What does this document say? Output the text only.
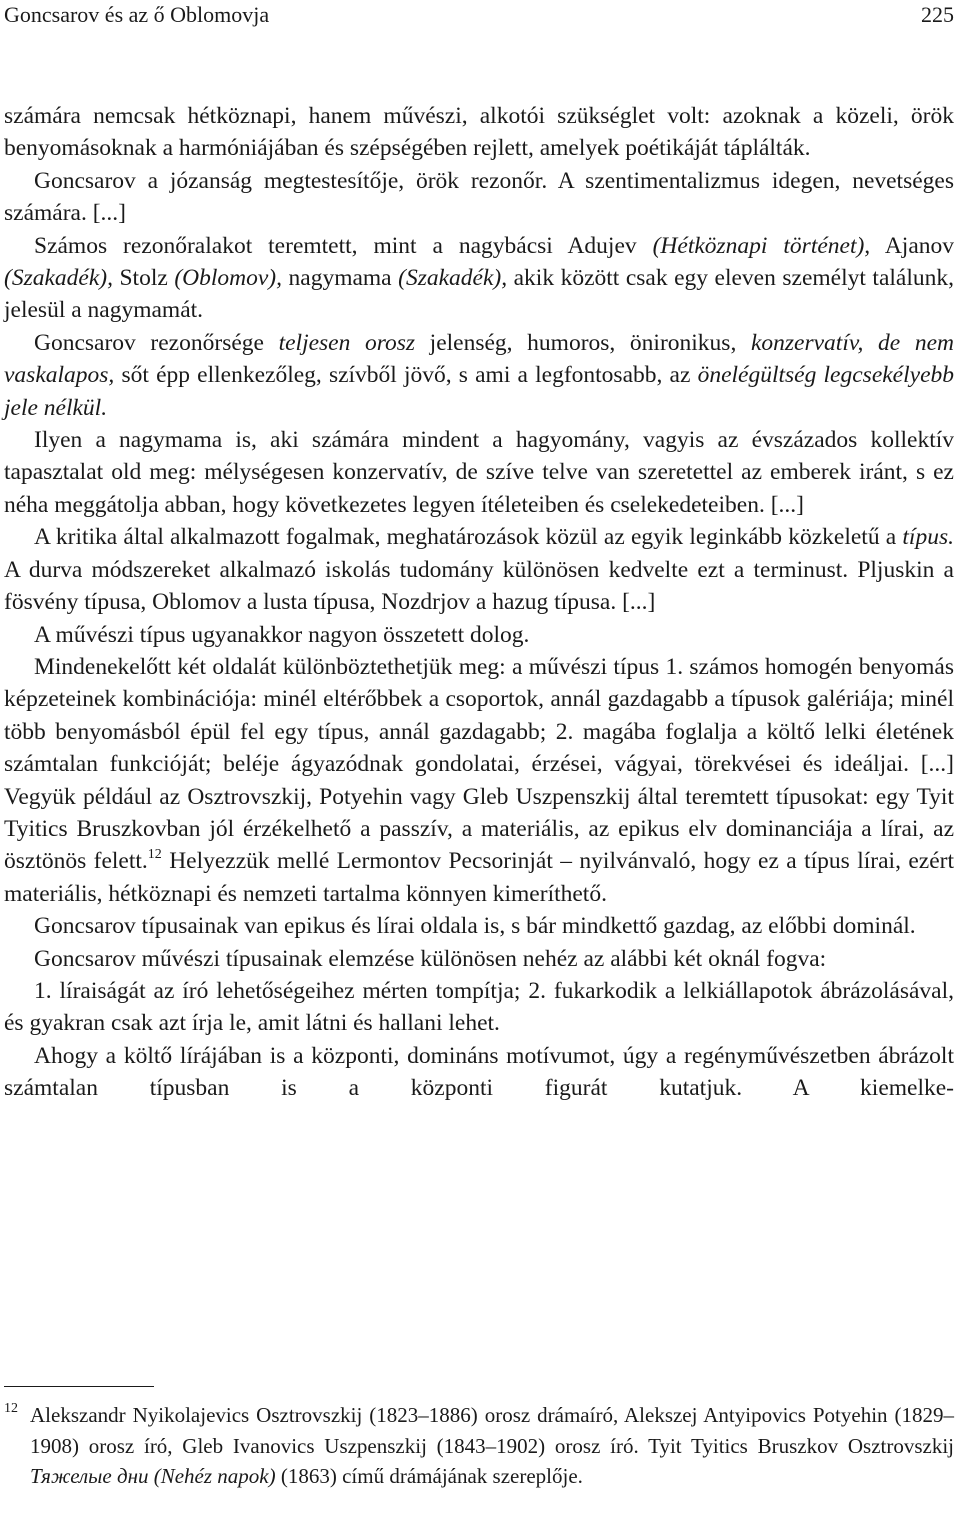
Goncsarov és az ő Oblomovja	225

számára nemcsak hétköznapi, hanem művészi, alkotói szükséglet volt: azoknak a közeli, örök benyomásoknak a harmóniájában és szépségében rejlett, amelyek poétikáját táplálták.

Goncsarov a józanság megtestesítője, örök rezonőr. A szentimentalizmus idegen, nevetséges számára. [...]

Számos rezonőralakot teremtett, mint a nagybácsi Adujev (Hétköznapi történet), Ajanov (Szakadék), Stolz (Oblomov), nagymama (Szakadék), akik között csak egy eleven személyt találunk, jelesül a nagymamát.

Goncsarov rezonőrsége teljesen orosz jelenség, humoros, önironikus, konzervatív, de nem vaskalapos, sőt épp ellenkezőleg, szívből jövő, s ami a legfontosabb, az önelégültség legcsekélyebb jele nélkül.

Ilyen a nagymama is, aki számára mindent a hagyomány, vagyis az évszázados kollektív tapasztalat old meg: mélységesen konzervatív, de szíve telve van szeretettel az emberek iránt, s ez néha meggátolja abban, hogy következetes legyen ítéleteiben és cselekedeteiben. [...]

A kritika által alkalmazott fogalmak, meghatározások közül az egyik leginkább közkeletű a típus. A durva módszereket alkalmazó iskolás tudomány különösen kedvelte ezt a terminust. Pljuskin a fösvény típusa, Oblomov a lusta típusa, Nozdrjov a hazug típusa. [...]

A művészi típus ugyanakkor nagyon összetett dolog.

Mindenekelőtt két oldalát különböztethetjük meg: a művészi típus 1. számos homogén benyomás képzeteinek kombinációja: minél eltérőbbek a csoportok, annál gazdagabb a típusok galériája; minél több benyomásból épül fel egy típus, annál gazdagabb; 2. magába foglalja a költő lelki életének számtalan funkcióját; beléje ágyazódnak gondolatai, érzései, vágyai, törekvései és ideáljai. [...] Vegyük például az Osztrovszkij, Potyehin vagy Gleb Uszpenszkij által teremtett típusokat: egy Tyit Tyitics Bruszkovban jól érzékelhető a passzív, a materiális, az epikus elv dominanciája a lírai, az ösztönös felett.$^{12}$ Helyezzük mellé Lermontov Pecsorinját – nyilvánvaló, hogy ez a típus lírai, ezért materiális, hétköznapi és nemzeti tartalma könnyen kimeríthető.

Goncsarov típusainak van epikus és lírai oldala is, s bár mindkettő gazdag, az előbbi dominál.

Goncsarov művészi típusainak elemzése különösen nehéz az alábbi két oknál fogva:

1. líraiságát az író lehetőségeihez mérten tompítja; 2. fukarkodik a lelkiállapotok ábrázolásával, és gyakran csak azt írja le, amit látni és hallani lehet.

Ahogy a költő lírájában is a központi, domináns motívumot, úgy a regényművészetben ábrázolt számtalan típusban is a központi figurát kutatjuk. A kiemelke-

12 Alekszandr Nyikolajevics Osztrovszkij (1823–1886) orosz drámaíró, Alekszej Antyipovics Potyehin (1829–1908) orosz író, Gleb Ivanovics Uszpenszkij (1843–1902) orosz író. Tyit Tyitics Bruszkov Osztrovszkij Тяжелые дни (Nehéz napok) (1863) című drámájának szereplője.
